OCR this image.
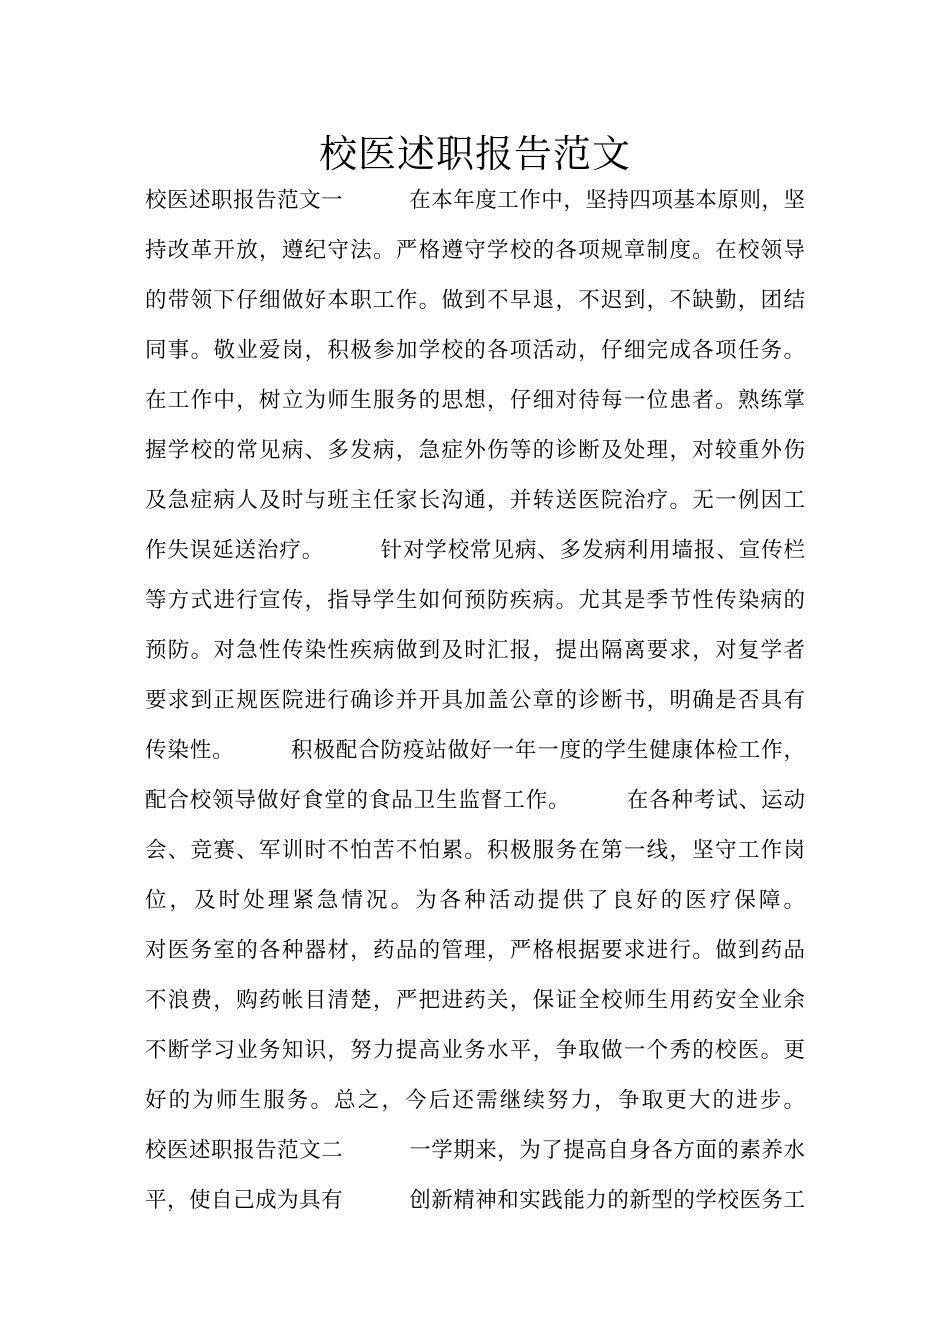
校医述职报告范文
校医述职报告范文一　　　在本年度工作中，坚持四项基本原则，坚
持改革开放，遵纪守法。严格遵守学校的各项规章制度。在校领导
的带领下仔细做好本职工作。做到不早退，不迟到，不缺勤，团结
同事。敬业爱岗，积极参加学校的各项活动，仔细完成各项任务。
在工作中，树立为师生服务的思想，仔细对待每一位患者。熟练掌
握学校的常见病、多发病，急症外伤等的诊断及处理，对较重外伤
及急症病人及时与班主任家长沟通，并转送医院治疗。无一例因工
作失误延送治疗。　　　针对学校常见病、多发病利用墙报、宣传栏
等方式进行宣传，指导学生如何预防疾病。尤其是季节性传染病的
预防。对急性传染性疾病做到及时汇报，提出隔离要求，对复学者
要求到正规医院进行确诊并开具加盖公章的诊断书，明确是否具有
传染性。　　　积极配合防疫站做好一年一度的学生健康体检工作，
配合校领导做好食堂的食品卫生监督工作。　　　在各种考试、运动
会、竞赛、军训时不怕苦不怕累。积极服务在第一线，坚守工作岗
位，及时处理紧急情况。为各种活动提供了良好的医疗保障。
对医务室的各种器材，药品的管理，严格根据要求进行。做到药品
不浪费，购药帐目清楚，严把进药关，保证全校师生用药安全业余
不断学习业务知识，努力提高业务水平，争取做一个秀的校医。更
好的为师生服务。总之，今后还需继续努力，争取更大的进步。
校医述职报告范文二　　　一学期来，为了提高自身各方面的素养水
平，使自己成为具有　　　创新精神和实践能力的新型的学校医务工
